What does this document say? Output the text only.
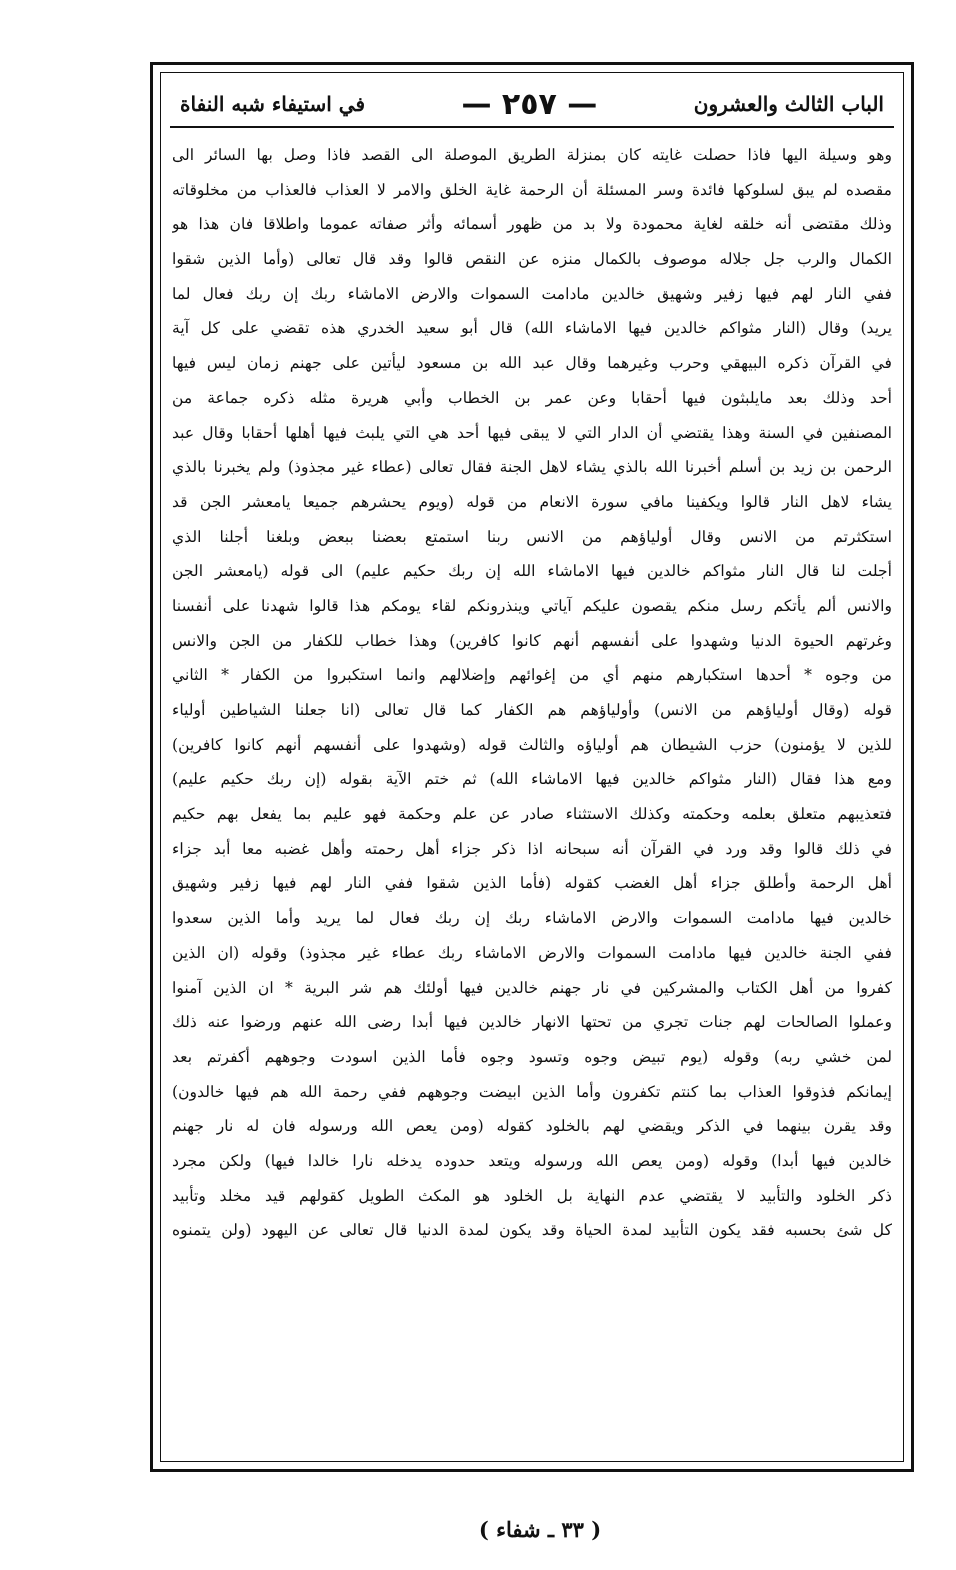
الباب الثالث والعشرون
— ٢٥٧ —
في استيفاء شبه النفاة
وهو وسيلة اليها فاذا حصلت غايته كان بمنزلة الطريق الموصلة الى القصد فاذا وصل بها السائر الى
مقصده لم يبق لسلوكها فائدة وسر المسئلة أن الرحمة غاية الخلق والامر لا العذاب فالعذاب من مخلوقاته
وذلك مقتضى أنه خلقه لغاية محمودة ولا بد من ظهور أسمائه وأثر صفاته عموما واطلاقا فان هذا هو
الكمال والرب جل جلاله موصوف بالكمال منزه عن النقص قالوا وقد قال تعالى (وأما الذين شقوا
ففي النار لهم فيها زفير وشهيق خالدين مادامت السموات والارض الاماشاء ربك إن ربك فعال لما
يريد) وقال (النار مثواكم خالدين فيها الاماشاء الله) قال أبو سعيد الخدري هذه تقضي على كل آية
في القرآن ذكره البيهقي وحرب وغيرهما وقال عبد الله بن مسعود ليأتين على جهنم زمان ليس فيها
أحد وذلك بعد مايلبثون فيها أحقابا وعن عمر بن الخطاب وأبي هريرة مثله ذكره جماعة من
المصنفين في السنة وهذا يقتضي أن الدار التي لا يبقى فيها أحد هي التي يلبث فيها أهلها أحقابا وقال عبد
الرحمن بن زيد بن أسلم أخبرنا الله بالذي يشاء لاهل الجنة فقال تعالى (عطاء غير مجذوذ) ولم يخبرنا بالذي
يشاء لاهل النار قالوا ويكفينا مافي سورة الانعام من قوله (ويوم يحشرهم جميعا يامعشر الجن قد
استكثرتم من الانس وقال أولياؤهم من الانس ربنا استمتع بعضنا ببعض وبلغنا أجلنا الذي
أجلت لنا قال النار مثواكم خالدين فيها الاماشاء الله إن ربك حكيم عليم) الى قوله (يامعشر الجن
والانس ألم يأتكم رسل منكم يقصون عليكم آياتي وينذرونكم لقاء يومكم هذا قالوا شهدنا على أنفسنا
وغرتهم الحيوة الدنيا وشهدوا على أنفسهم أنهم كانوا كافرين) وهذا خطاب للكفار من الجن والانس
من وجوه * أحدها استكبارهم منهم أي من إغوائهم وإضلالهم وانما استكبروا من الكفار * الثاني
قوله (وقال أولياؤهم من الانس) وأولياؤهم هم الكفار كما قال تعالى (انا جعلنا الشياطين أولياء
للذين لا يؤمنون) حزب الشيطان هم أولياؤه والثالث قوله (وشهدوا على أنفسهم أنهم كانوا كافرين)
ومع هذا فقال (النار مثواكم خالدين فيها الاماشاء الله) ثم ختم الآية بقوله (إن ربك حكيم عليم)
فتعذيبهم متعلق بعلمه وحكمته وكذلك الاستثناء صادر عن علم وحكمة فهو عليم بما يفعل بهم حكيم
في ذلك قالوا وقد ورد في القرآن أنه سبحانه اذا ذكر جزاء أهل رحمته وأهل غضبه معا أبد جزاء
أهل الرحمة وأطلق جزاء أهل الغضب كقوله (فأما الذين شقوا ففي النار لهم فيها زفير وشهيق
خالدين فيها مادامت السموات والارض الاماشاء ربك إن ربك فعال لما يريد وأما الذين سعدوا
ففي الجنة خالدين فيها مادامت السموات والارض الاماشاء ربك عطاء غير مجذوذ) وقوله (ان الذين
كفروا من أهل الكتاب والمشركين في نار جهنم خالدين فيها أولئك هم شر البرية * ان الذين آمنوا
وعملوا الصالحات لهم جنات تجري من تحتها الانهار خالدين فيها أبدا رضى الله عنهم ورضوا عنه ذلك
لمن خشي ربه) وقوله (يوم تبيض وجوه وتسود وجوه فأما الذين اسودت وجوههم أكفرتم بعد
إيمانكم فذوقوا العذاب بما كنتم تكفرون وأما الذين ابيضت وجوههم ففي رحمة الله هم فيها خالدون)
وقد يقرن بينهما في الذكر ويقضي لهم بالخلود كقوله (ومن يعص الله ورسوله فان له نار جهنم
خالدين فيها أبدا) وقوله (ومن يعص الله ورسوله ويتعد حدوده يدخله نارا خالدا فيها) ولكن مجرد
ذكر الخلود والتأبيد لا يقتضي عدم النهاية بل الخلود هو المكث الطويل كقولهم قيد مخلد وتأبيد
كل شئ بحسبه فقد يكون التأبيد لمدة الحياة وقد يكون لمدة الدنيا قال تعالى عن اليهود (ولن يتمنوه
( ٣٣ ـ شفاء )
